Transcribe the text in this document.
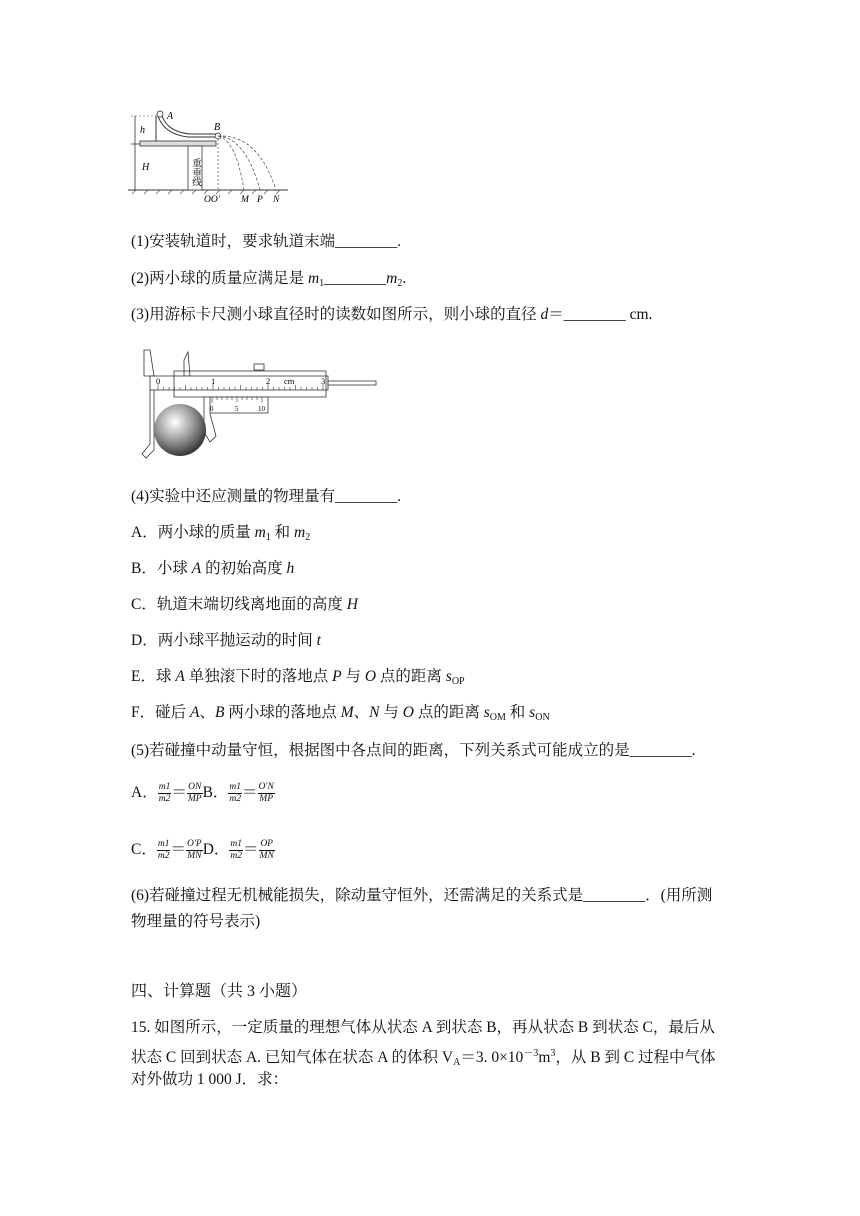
A
B
h
H	重垂线
OO′ M P N
(1)安装轨道时，要求轨道末端________.
(2)两小球的质量应满足是 $m_1\_\_\_\_\_\_\_\_m_2$.
(3)用游标卡尺测小球直径时的读数如图所示，则小球的直径 d＝________ cm.
0	1	2 cm	3
0	5	10
(4)实验中还应测量的物理量有________.
A．两小球的质量 $m_1$ 和 $m_2$
B．小球 A 的初始高度 h
C．轨道末端切线离地面的高度 H
D．两小球平抛运动的时间 t
E．球 A 单独滚下时的落地点 P 与 O 点的距离 $s_{OP}$
F．碰后 A、B 两小球的落地点 M、N 与 O 点的距离 $s_{OM}$ 和 $s_{ON}$
(5)若碰撞中动量守恒，根据图中各点间的距离，下列关系式可能成立的是________.
A． $\frac{m1}{m2} = \frac{ON}{MP}$ B． $\frac{m1}{m2} = \frac{O'N}{MP}$
C． $\frac{m1}{m2} = \frac{O'P}{MN}$ D． $\frac{m1}{m2} = \frac{OP}{MN}$
(6)若碰撞过程无机械能损失，除动量守恒外，还需满足的关系式是________．(用所测
物理量的符号表示)
四、计算题（共 3 小题）
15. 如图所示，一定质量的理想气体从状态 A 到状态 B，再从状态 B 到状态 C，最后从
状态 C 回到状态 A. 已知气体在状态 A 的体积 $V_A=3$. $0\times 10^{-3}m^3$，从 B 到 C 过程中气体
对外做功 1 000 J．求：
